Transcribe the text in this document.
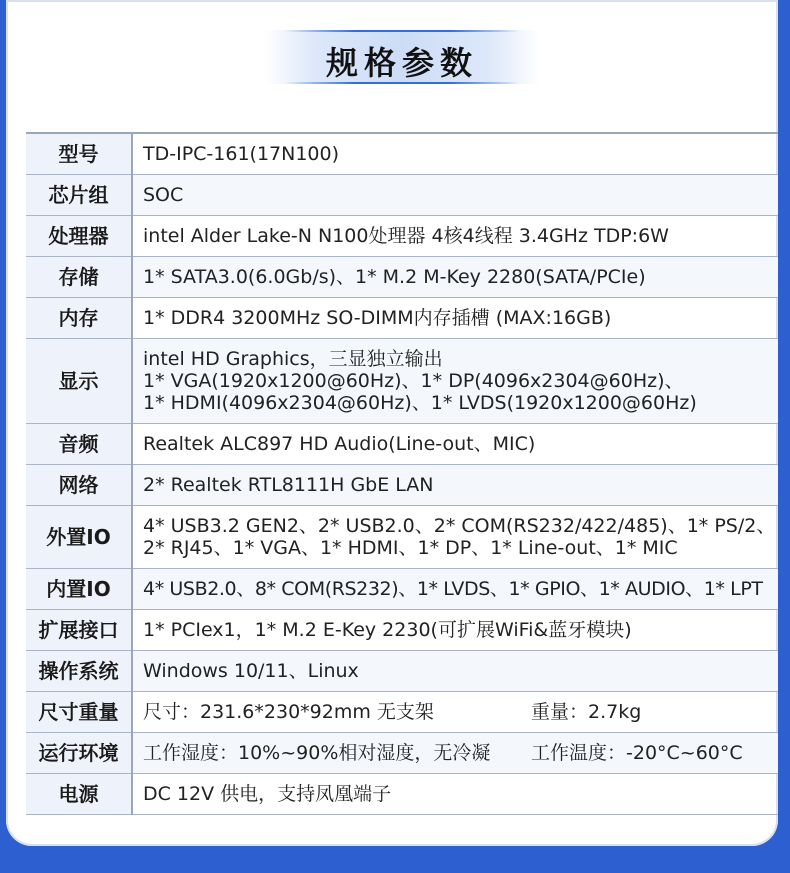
规格参数
型号	TD-IPC-161(17N100)

芯片组	SOC

处理器	intel Alder Lake-N N100处理器 4核4线程 3.4GHz TDP:6W

存储	1* SATA3.0(6.0Gb/s)、1* M.2 M-Key 2280(SATA/PCIe)

内存	1* DDR4 3200MHz SO-DIMM内存插槽 (MAX:16GB)

显示	intel HD Graphics，三显独立输出
1* VGA(1920x1200@60Hz)、1* DP(4096x2304@60Hz)、
1* HDMI(4096x2304@60Hz)、1* LVDS(1920x1200@60Hz)

音频	Realtek ALC897 HD Audio(Line-out、MIC)

网络	2* Realtek RTL8111H GbE LAN

外置IO	4* USB3.2 GEN2、2* USB2.0、2* COM(RS232/422/485)、1* PS/2、
2* RJ45、1* VGA、1* HDMI、1* DP、1* Line-out、1* MIC

内置IO	4* USB2.0、8* COM(RS232)、1* LVDS、1* GPIO、1* AUDIO、1* LPT

扩展接口	1* PCIex1，1* M.2 E-Key 2230(可扩展WiFi&蓝牙模块)

操作系统	Windows 10/11、Linux

尺寸重量	尺寸：231.6*230*92mm 无支架 重量：2.7kg

运行环境	工作湿度：10%~90%相对湿度，无冷凝 工作温度：-20°C~60°C

电源	DC 12V 供电，支持凤凰端子
